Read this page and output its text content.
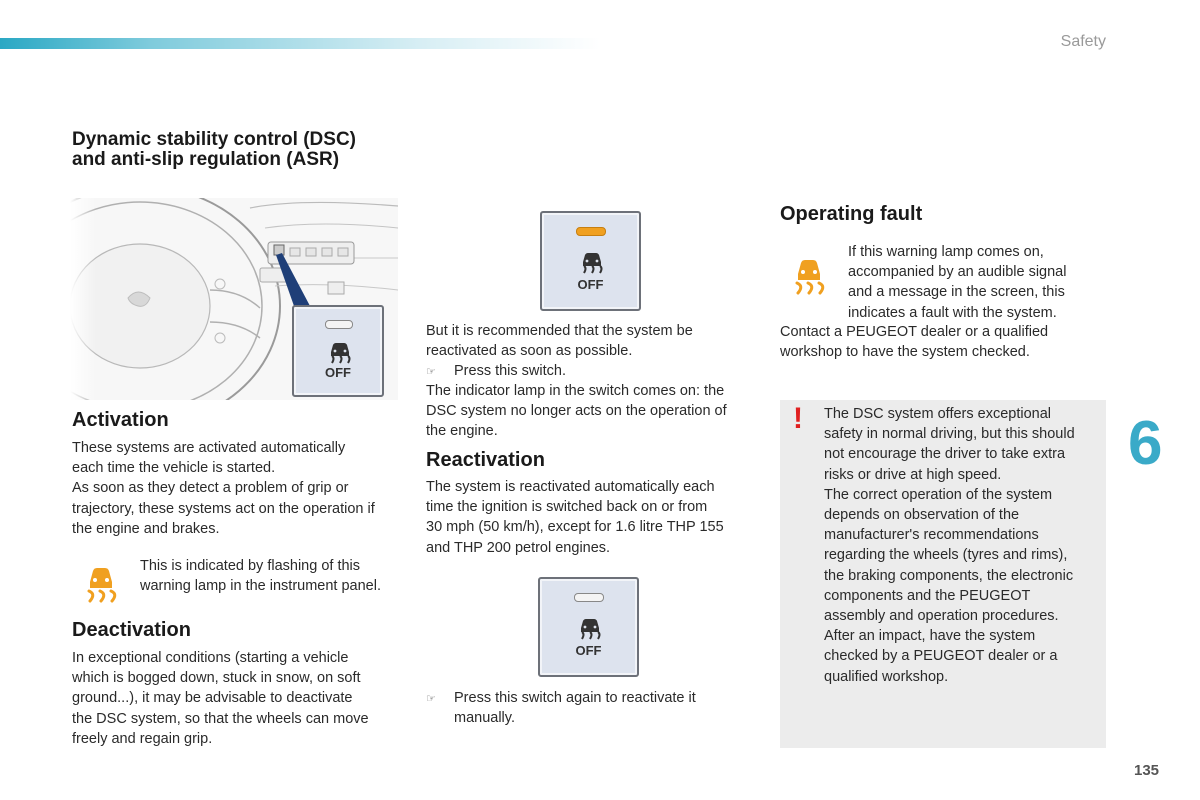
Safety
Dynamic stability control (DSC)
and anti-slip regulation (ASR)
OFF
Activation
These systems are activated automatically
each time the vehicle is started.
As soon as they detect a problem of grip or
trajectory, these systems act on the operation if
the engine and brakes.
This is indicated by flashing of this
warning lamp in the instrument panel.
Deactivation
In exceptional conditions (starting a vehicle
which is bogged down, stuck in snow, on soft
ground...), it may be advisable to deactivate
the DSC system, so that the wheels can move
freely and regain grip.
OFF
But it is recommended that the system be
reactivated as soon as possible.
☞ Press this switch.
The indicator lamp in the switch comes on: the
DSC system no longer acts on the operation of
the engine.
Reactivation
The system is reactivated automatically each
time the ignition is switched back on or from
30 mph (50 km/h), except for 1.6 litre THP 155
and THP 200 petrol engines.
OFF
☞ Press this switch again to reactivate it
manually.
Operating fault
If this warning lamp comes on,
accompanied by an audible signal
and a message in the screen, this
indicates a fault with the system.
Contact a PEUGEOT dealer or a qualified
workshop to have the system checked.
! The DSC system offers exceptional
safety in normal driving, but this should
not encourage the driver to take extra
risks or drive at high speed.
The correct operation of the system
depends on observation of the
manufacturer's recommendations
regarding the wheels (tyres and rims),
the braking components, the electronic
components and the PEUGEOT
assembly and operation procedures.
After an impact, have the system
checked by a PEUGEOT dealer or a
qualified workshop.
6
135
